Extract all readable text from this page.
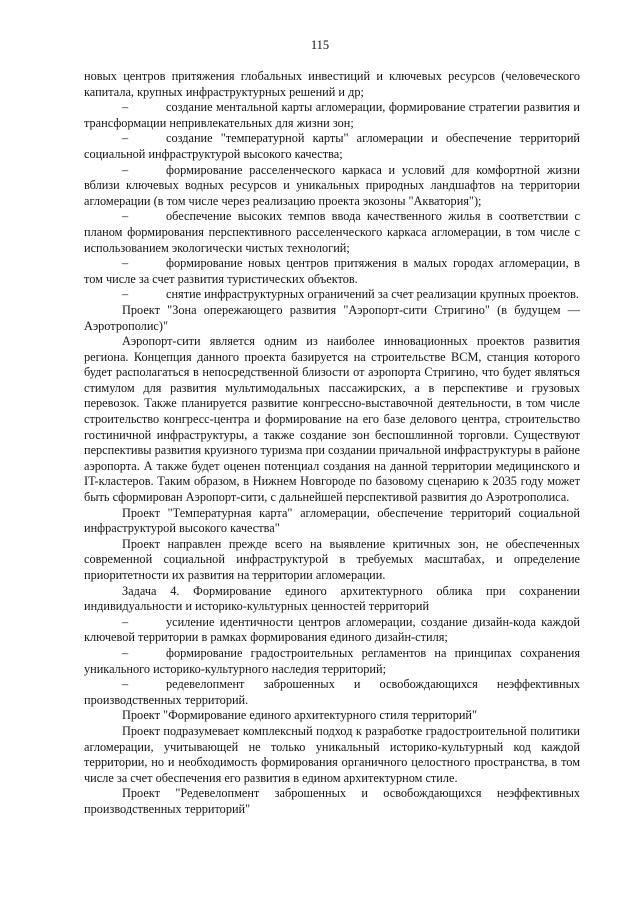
115

новых центров притяжения глобальных инвестиций и ключевых ресурсов (человеческого капитала, крупных инфраструктурных решений и др;

–	создание ментальной карты агломерации, формирование стратегии развития и трансформации непривлекательных для жизни зон;

–	создание "температурной карты" агломерации и обеспечение территорий социальной инфраструктурой высокого качества;

–	формирование расселенческого каркаса и условий для комфортной жизни вблизи ключевых водных ресурсов и уникальных природных ландшафтов на территории агломерации (в том числе через реализацию проекта экозоны "Акватория");

–	обеспечение высоких темпов ввода качественного жилья в соответствии с планом формирования перспективного расселенческого каркаса агломерации, в том числе с использованием экологически чистых технологий;

–	формирование новых центров притяжения в малых городах агломерации, в том числе за счет развития туристических объектов.

–	снятие инфраструктурных ограничений за счет реализации крупных проектов.

Проект "Зона опережающего развития "Аэропорт-сити Стригино" (в будущем — Аэротрополис)"

Аэропорт-сити является одним из наиболее инновационных проектов развития региона. Концепция данного проекта базируется на строительстве ВСМ, станция которого будет располагаться в непосредственной близости от аэропорта Стригино, что будет являться стимулом для развития мультимодальных пассажирских, а в перспективе и грузовых перевозок. Также планируется развитие конгрессно-выставочной деятельности, в том числе строительство конгресс-центра и формирование на его базе делового центра, строительство гостиничной инфраструктуры, а также создание зон беспошлинной торговли. Существуют перспективы развития круизного туризма при создании причальной инфраструктуры в районе аэропорта. А также будет оценен потенциал создания на данной территории медицинского и IT-кластеров. Таким образом, в Нижнем Новгороде по базовому сценарию к 2035 году может быть сформирован Аэропорт-сити, с дальнейшей перспективой развития до Аэротрополиса.

Проект "Температурная карта" агломерации, обеспечение территорий социальной инфраструктурой высокого качества"

Проект направлен прежде всего на выявление критичных зон, не обеспеченных современной социальной инфраструктурой в требуемых масштабах, и определение приоритетности их развития на территории агломерации.

Задача 4. Формирование единого архитектурного облика при сохранении индивидуальности и историко-культурных ценностей территорий

–	усиление идентичности центров агломерации, создание дизайн-кода каждой ключевой территории в рамках формирования единого дизайн-стиля;

–	формирование градостроительных регламентов на принципах сохранения уникального историко-культурного наследия территорий;

–	редевелопмент заброшенных и освобождающихся неэффективных производственных территорий.

Проект "Формирование единого архитектурного стиля территорий"

Проект подразумевает комплексный подход к разработке градостроительной политики агломерации, учитывающей не только уникальный историко-культурный код каждой территории, но и необходимость формирования органичного целостного пространства, в том числе за счет обеспечения его развития в едином архитектурном стиле.

Проект "Редевелопмент заброшенных и освобождающихся неэффективных производственных территорий"
